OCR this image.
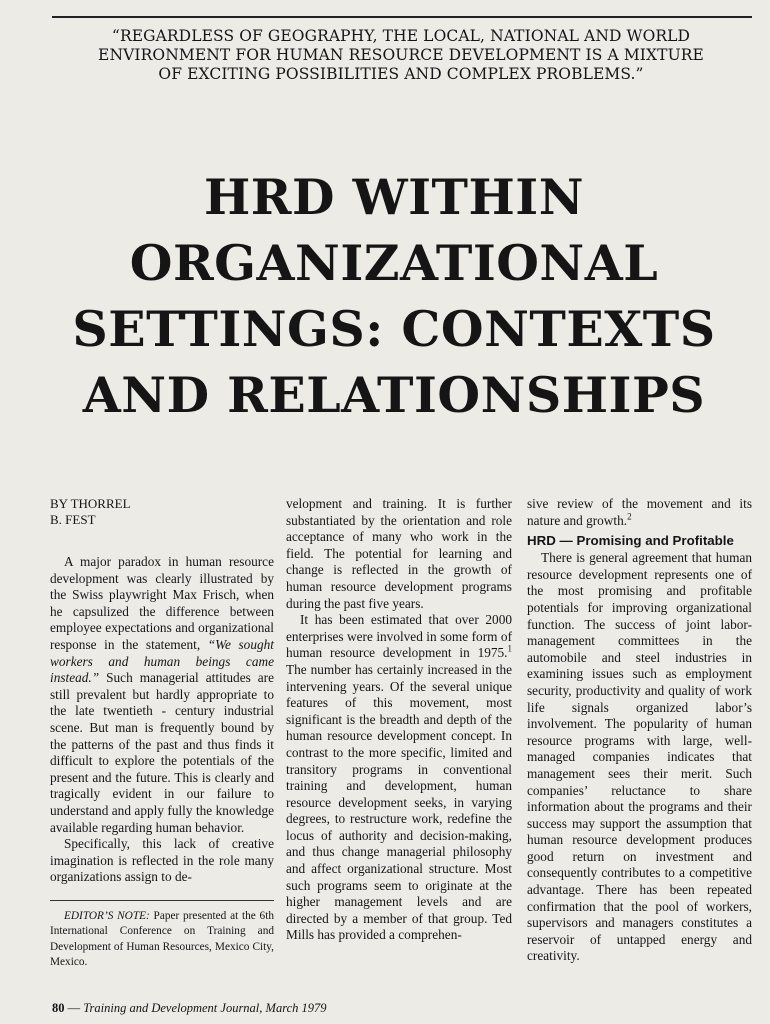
“REGARDLESS OF GEOGRAPHY, THE LOCAL, NATIONAL AND WORLD
ENVIRONMENT FOR HUMAN RESOURCE DEVELOPMENT IS A MIXTURE
OF EXCITING POSSIBILITIES AND COMPLEX PROBLEMS.”
HRD WITHIN
ORGANIZATIONAL
SETTINGS: CONTEXTS
AND RELATIONSHIPS
BY THORREL
B. FEST

A major paradox in human resource development was clearly illustrated by the Swiss playwright Max Frisch, when he capsulized the difference between employee expectations and organizational response in the statement, “We sought workers and human beings came instead.” Such managerial attitudes are still prevalent but hardly appropriate to the late twentieth - century industrial scene. But man is frequently bound by the patterns of the past and thus finds it difficult to explore the potentials of the present and the future. This is clearly and tragically evident in our failure to understand and apply fully the knowledge available regarding human behavior.

Specifically, this lack of creative imagination is reflected in the role many organizations assign to de-

EDITOR’S NOTE: Paper presented at the 6th International Conference on Training and Development of Human Resources, Mexico City, Mexico.

velopment and training. It is further substantiated by the orientation and role acceptance of many who work in the field. The potential for learning and change is reflected in the growth of human resource development programs during the past five years.

It has been estimated that over 2000 enterprises were involved in some form of human resource development in 1975.$^1$ The number has certainly increased in the intervening years. Of the several unique features of this movement, most significant is the breadth and depth of the human resource development concept. In contrast to the more specific, limited and transitory programs in conventional training and development, human resource development seeks, in varying degrees, to restructure work, redefine the locus of authority and decision-making, and thus change managerial philosophy and affect organizational structure. Most such programs seem to originate at the higher management levels and are directed by a member of that group. Ted Mills has provided a comprehen-

sive review of the movement and its nature and growth.$^2$

HRD — Promising and Profitable

There is general agreement that human resource development represents one of the most promising and profitable potentials for improving organizational function. The success of joint labor-management committees in the automobile and steel industries in examining issues such as employment security, productivity and quality of work life signals organized labor’s involvement. The popularity of human resource programs with large, well-managed companies indicates that management sees their merit. Such companies’ reluctance to share information about the programs and their success may support the assumption that human resource development produces good return on investment and consequently contributes to a competitive advantage. There has been repeated confirmation that the pool of workers, supervisors and managers constitutes a reservoir of untapped energy and creativity.

80 — Training and Development Journal, March 1979
